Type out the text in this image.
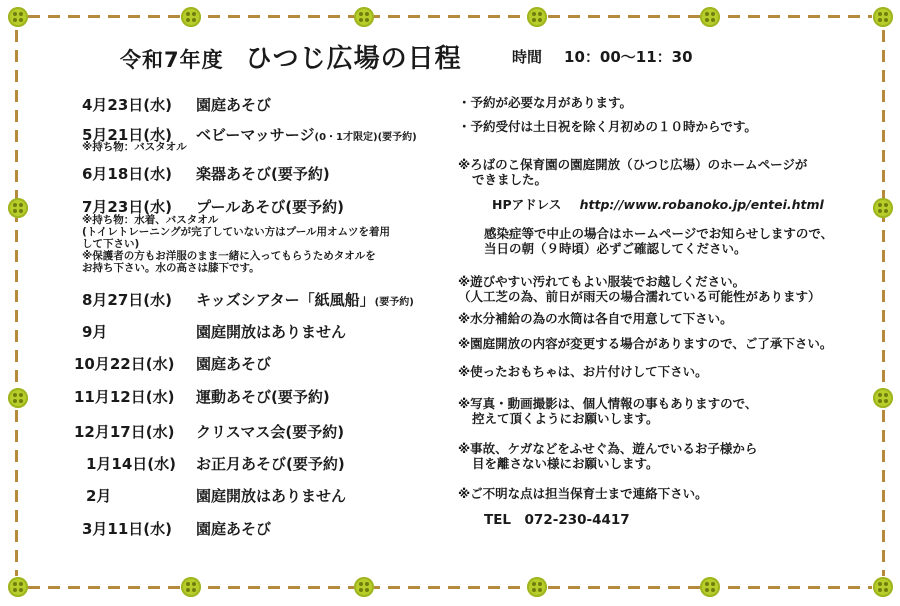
令和7年度 ひつじ広場の日程	時間 10：00～11：30
4月23日(水) 園庭あそび
5月21日(水) ベビーマッサージ(0・1才限定)(要予約)
※持ち物：バスタオル
6月18日(水) 楽器あそび(要予約)
7月23日(水) プールあそび(要予約)
※持ち物：水着、バスタオル
(トイレトレーニングが完了していない方はプール用オムツを着用
して下さい)
※保護者の方もお洋服のまま一緒に入ってもらうためタオルを
お持ち下さい。水の高さは膝下です。
8月27日(水) キッズシアター「紙風船」(要予約)
9月	園庭開放はありません
10月22日(水) 園庭あそび
11月12日(水) 運動あそび(要予約)
12月17日(水) クリスマス会(要予約)
1月14日(水) お正月あそび(要予約)
2月	園庭開放はありません
3月11日(水) 園庭あそび
・予約が必要な月があります。
・予約受付は土日祝を除く月初めの１０時からです。
※ろばのこ保育園の園庭開放（ひつじ広場）のホームページが
できました。
HPアドレス http://www.robanoko.jp/entei.html
感染症等で中止の場合はホームページでお知らせしますので、
当日の朝（９時頃）必ずご確認してください。
※遊びやすい汚れてもよい服装でお越しください。
（人工芝の為、前日が雨天の場合濡れている可能性があります）
※水分補給の為の水筒は各自で用意して下さい。
※園庭開放の内容が変更する場合がありますので、ご了承下さい。
※使ったおもちゃは、お片付けして下さい。
※写真・動画撮影は、個人情報の事もありますので、
控えて頂くようにお願いします。
※事故、ケガなどをふせぐ為、遊んでいるお子様から
目を離さない様にお願いします。
※ご不明な点は担当保育士まで連絡下さい。
TEL　072-230-4417
